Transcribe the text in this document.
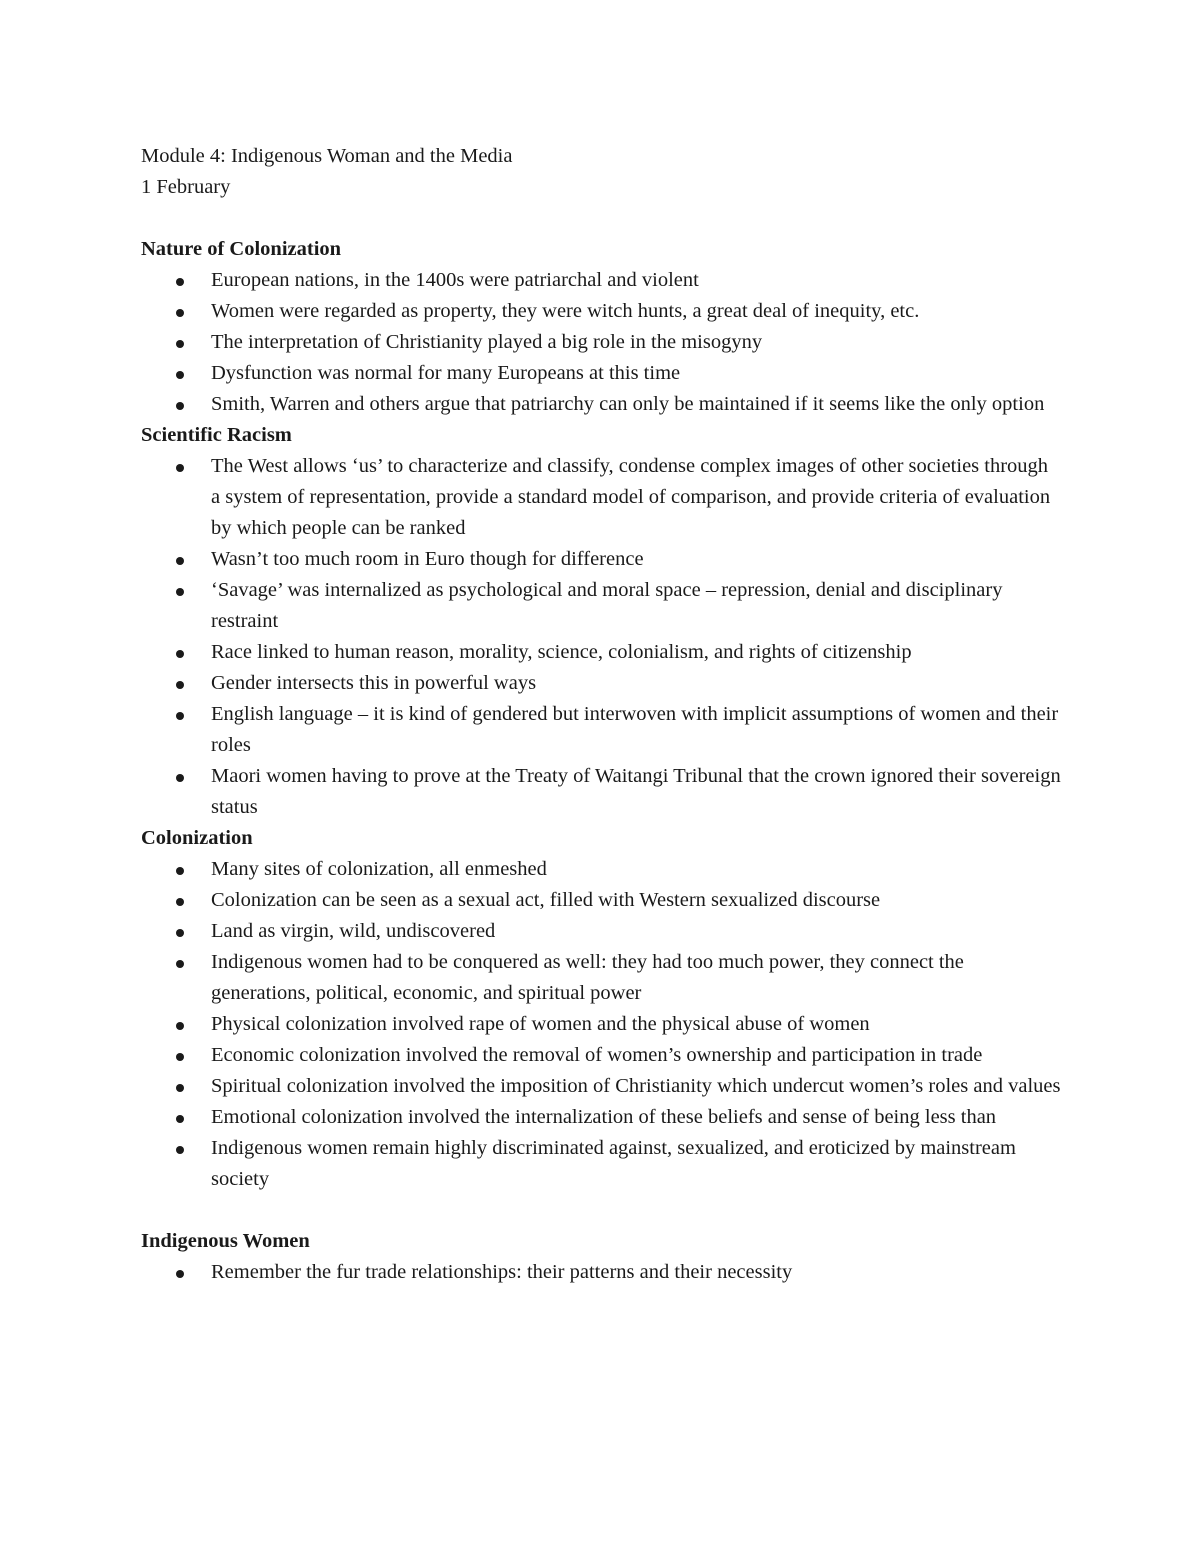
Module 4: Indigenous Woman and the Media

1 February

Nature of Colonization

European nations, in the 1400s were patriarchal and violent
Women were regarded as property, they were witch hunts, a great deal of inequity, etc.
The interpretation of Christianity played a big role in the misogyny
Dysfunction was normal for many Europeans at this time
Smith, Warren and others argue that patriarchy can only be maintained if it seems like the only option

Scientific Racism

The West allows ‘us’ to characterize and classify, condense complex images of other societies through a system of representation, provide a standard model of comparison, and provide criteria of evaluation by which people can be ranked
Wasn’t too much room in Euro though for difference
‘Savage’ was internalized as psychological and moral space – repression, denial and disciplinary restraint
Race linked to human reason, morality, science, colonialism, and rights of citizenship
Gender intersects this in powerful ways
English language – it is kind of gendered but interwoven with implicit assumptions of women and their roles
Maori women having to prove at the Treaty of Waitangi Tribunal that the crown ignored their sovereign status

Colonization

Many sites of colonization, all enmeshed
Colonization can be seen as a sexual act, filled with Western sexualized discourse
Land as virgin, wild, undiscovered
Indigenous women had to be conquered as well: they had too much power, they connect the generations, political, economic, and spiritual power
Physical colonization involved rape of women and the physical abuse of women
Economic colonization involved the removal of women’s ownership and participation in trade
Spiritual colonization involved the imposition of Christianity which undercut women’s roles and values
Emotional colonization involved the internalization of these beliefs and sense of being less than
Indigenous women remain highly discriminated against, sexualized, and eroticized by mainstream society

Indigenous Women

Remember the fur trade relationships: their patterns and their necessity
